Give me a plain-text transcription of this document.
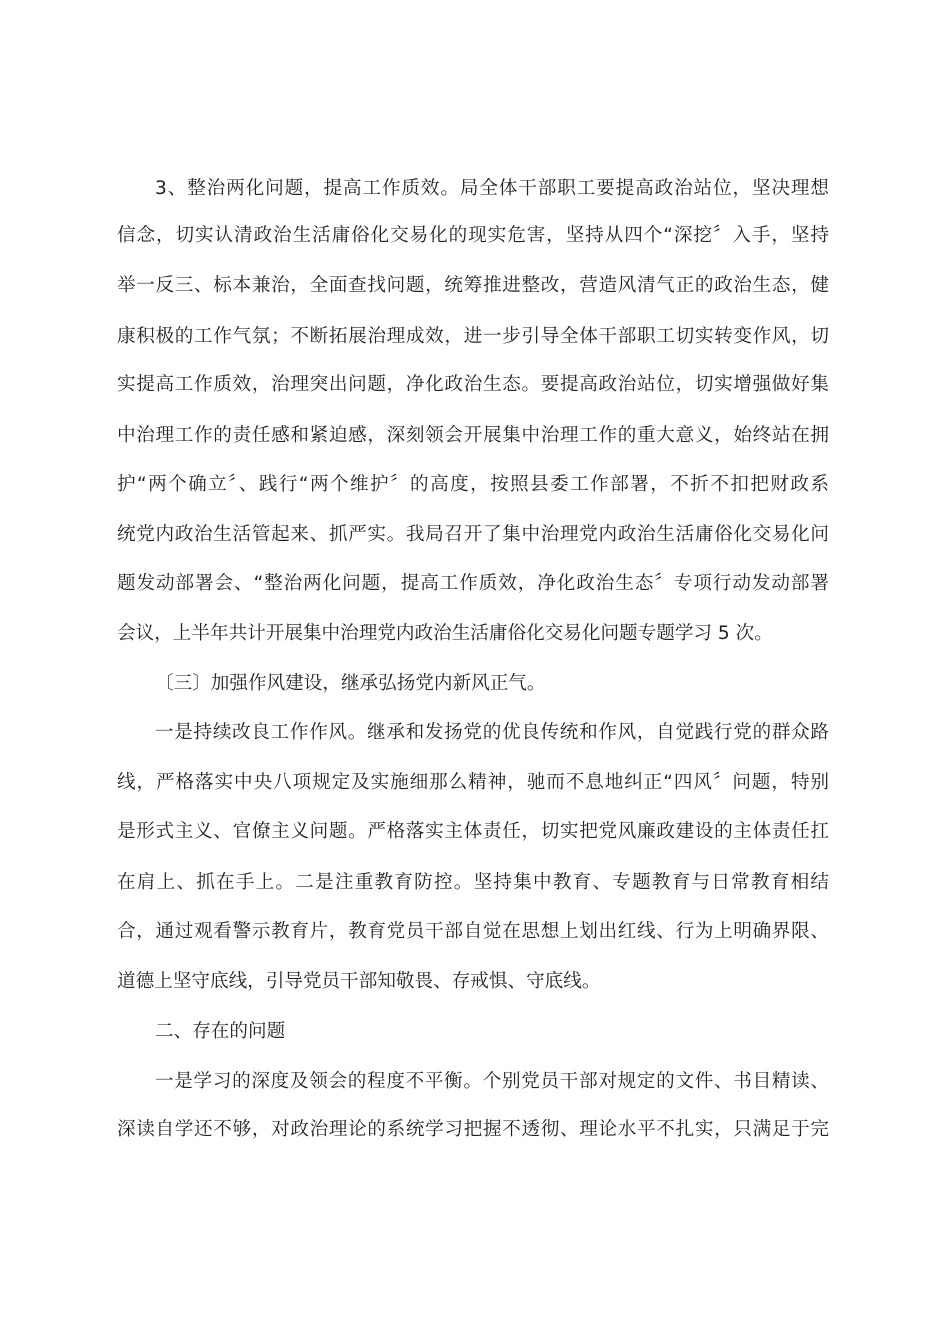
3、整治两化问题，提高工作质效。局全体干部职工要提高政治站位，坚决理想
信念，切实认清政治生活庸俗化交易化的现实危害，坚持从四个“深挖〞入手，坚持
举一反三、标本兼治，全面查找问题，统筹推进整改，营造风清气正的政治生态，健
康积极的工作气氛；不断拓展治理成效，进一步引导全体干部职工切实转变作风，切
实提高工作质效，治理突出问题，净化政治生态。要提高政治站位，切实增强做好集
中治理工作的责任感和紧迫感，深刻领会开展集中治理工作的重大意义，始终站在拥
护“两个确立〞、践行“两个维护〞的高度，按照县委工作部署，不折不扣把财政系
统党内政治生活管起来、抓严实。我局召开了集中治理党内政治生活庸俗化交易化问
题发动部署会、“整治两化问题，提高工作质效，净化政治生态〞专项行动发动部署
会议，上半年共计开展集中治理党内政治生活庸俗化交易化问题专题学习 5 次。
〔三〕加强作风建设，继承弘扬党内新风正气。
一是持续改良工作作风。继承和发扬党的优良传统和作风，自觉践行党的群众路
线，严格落实中央八项规定及实施细那么精神，驰而不息地纠正“四风〞问题，特别
是形式主义、官僚主义问题。严格落实主体责任，切实把党风廉政建设的主体责任扛
在肩上、抓在手上。二是注重教育防控。坚持集中教育、专题教育与日常教育相结
合，通过观看警示教育片，教育党员干部自觉在思想上划出红线、行为上明确界限、
道德上坚守底线，引导党员干部知敬畏、存戒惧、守底线。
二、存在的问题
一是学习的深度及领会的程度不平衡。个别党员干部对规定的文件、书目精读、
深读自学还不够，对政治理论的系统学习把握不透彻、理论水平不扎实，只满足于完
